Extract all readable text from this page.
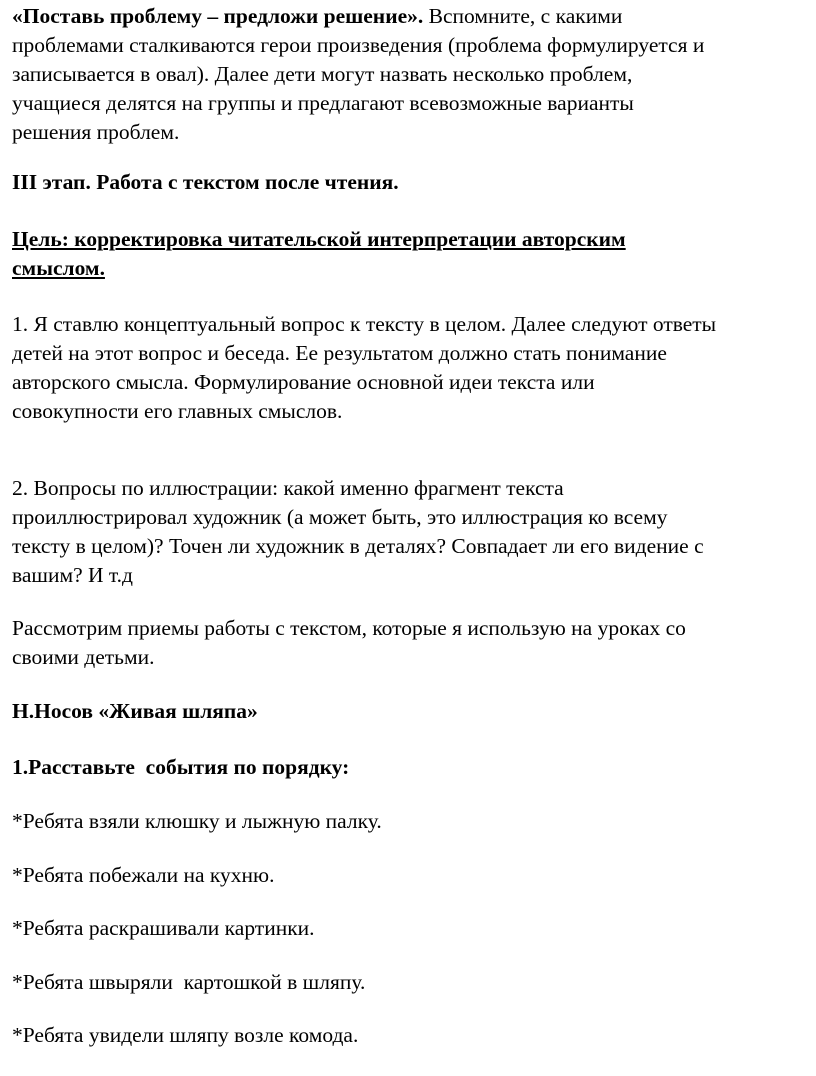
«Поставь проблему – предложи решение». Вспомните, с какими
проблемами сталкиваются герои произведения (проблема формулируется и
записывается в овал). Далее дети могут назвать несколько проблем,
учащиеся делятся на группы и предлагают всевозможные варианты
решения проблем.
III этап. Работа с текстом после чтения.
Цель: корректировка читательской интерпретации авторским
смыслом.
1. Я ставлю концептуальный вопрос к тексту в целом. Далее следуют ответы
детей на этот вопрос и беседа. Ее результатом должно стать понимание
авторского смысла. Формулирование основной идеи текста или
совокупности его главных смыслов.
2. Вопросы по иллюстрации: какой именно фрагмент текста
проиллюстрировал художник (а может быть, это иллюстрация ко всему
тексту в целом)? Точен ли художник в деталях? Совпадает ли его видение с
вашим? И т.д
Рассмотрим приемы работы с текстом, которые я использую на уроках со
своими детьми.
Н.Носов «Живая шляпа»
1.Расставьте  события по порядку:
*Ребята взяли клюшку и лыжную палку.
*Ребята побежали на кухню.
*Ребята раскрашивали картинки.
*Ребята швыряли  картошкой в шляпу.
*Ребята увидели шляпу возле комода.
